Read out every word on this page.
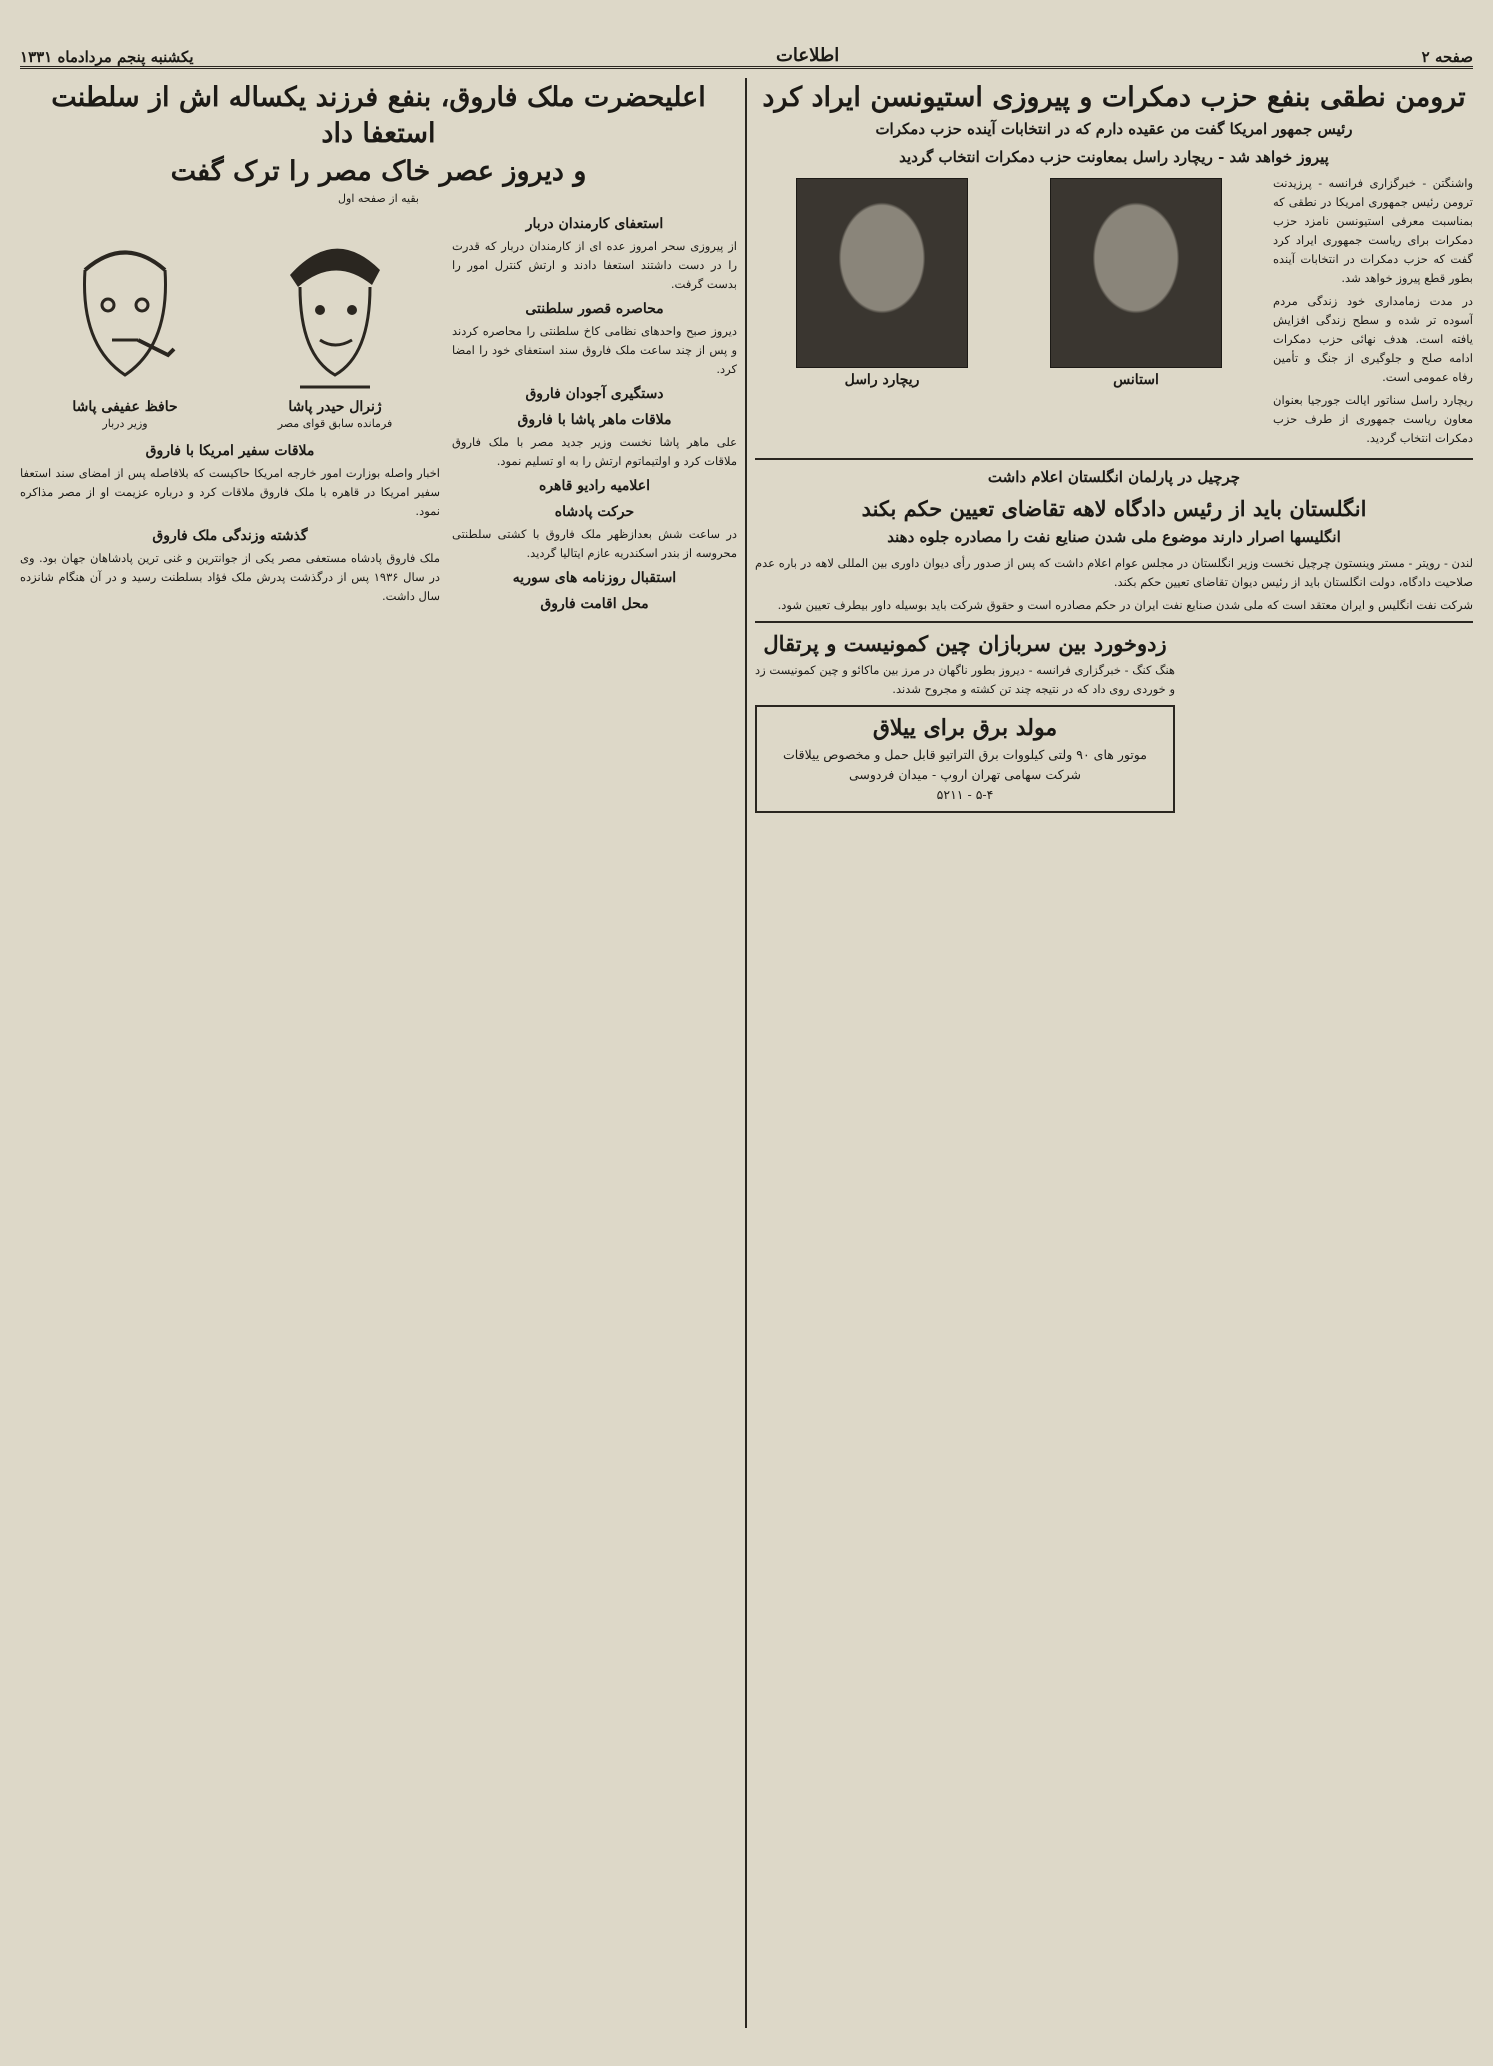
صفحه ۲
اطلاعات
یکشنبه پنجم مردادماه ۱۳۳۱
ترومن نطقی بنفع حزب دمکرات و پیروزی استیونسن ایراد کرد
رئیس جمهور امریکا گفت من عقیده دارم که در انتخابات آینده حزب دمکرات
پیروز خواهد شد - ریچارد راسل بمعاونت حزب دمکرات انتخاب گردید

واشنگتن - خبرگزاری فرانسه - پرزیدنت ترومن رئیس جمهوری امریکا در نطقی که بمناسبت معرفی استیونسن نامزد حزب دمکرات برای ریاست جمهوری ایراد کرد گفت که حزب دمکرات در انتخابات آینده بطور قطع پیروز خواهد شد.

در مدت زمامداری خود زندگی مردم آسوده تر شده و سطح زندگی افزایش یافته است. هدف نهائی حزب دمکرات ادامه صلح و جلوگیری از جنگ و تأمین رفاه عمومی است.

ریچارد راسل سناتور ایالت جورجیا بعنوان معاون ریاست جمهوری از طرف حزب دمکرات انتخاب گردید.

استانس
ریچارد راسل
چرچیل در پارلمان انگلستان اعلام داشت
انگلستان باید از رئیس دادگاه لاهه تقاضای تعیین حکم بکند
انگلیسها اصرار دارند موضوع ملی شدن صنایع نفت را مصادره جلوه دهند

لندن - رویتر - مستر وینستون چرچیل نخست وزیر انگلستان در مجلس عوام اعلام داشت که پس از صدور رأی دیوان داوری بین المللی لاهه در باره عدم صلاحیت دادگاه، دولت انگلستان باید از رئیس دیوان تقاضای تعیین حکم بکند.

شرکت نفت انگلیس و ایران معتقد است که ملی شدن صنایع نفت ایران در حکم مصادره است و حقوق شرکت باید بوسیله داور بیطرف تعیین شود.

زدوخورد بین سربازان چین کمونیست و پرتقال

هنگ کنگ - خبرگزاری فرانسه - دیروز بطور ناگهان در مرز بین ماکائو و چین کمونیست زد و خوردی روی داد که در نتیجه چند تن کشته و مجروح شدند.

مولد برق برای ییلاق
موتور های ۹۰ ولتی کیلووات برق التراتیو قابل حمل و مخصوص ییلاقات
شرکت سهامی تهران اروپ - میدان فردوسی
۵-۴ - ۵۲۱۱
اعلیحضرت ملک فاروق، بنفع فرزند یکساله اش از سلطنت استعفا داد
و دیروز عصر خاک مصر را ترک گفت
بقیه از صفحه اول
استعفای کارمندان دربار

از پیروزی سحر امروز عده ای از کارمندان دربار که قدرت را در دست داشتند استعفا دادند و ارتش کنترل امور را بدست گرفت.

محاصره قصور سلطنتی

دیروز صبح واحدهای نظامی کاخ سلطنتی را محاصره کردند و پس از چند ساعت ملک فاروق سند استعفای خود را امضا کرد.

دستگیری آجودان فاروق
ملاقات ماهر پاشا با فاروق

علی ماهر پاشا نخست وزیر جدید مصر با ملک فاروق ملاقات کرد و اولتیماتوم ارتش را به او تسلیم نمود.

اعلامیه رادیو قاهره
حرکت پادشاه

در ساعت شش بعدازظهر ملک فاروق با کشتی سلطنتی محروسه از بندر اسکندریه عازم ایتالیا گردید.

استقبال روزنامه های سوریه
محل اقامت فاروق
ژنرال حیدر پاشا
فرمانده سابق قوای مصر
حافظ عفیفی پاشا
وزیر دربار
ملاقات سفیر امریکا با فاروق

اخبار واصله بوزارت امور خارجه امریکا حاکیست که بلافاصله پس از امضای سند استعفا سفیر امریکا در قاهره با ملک فاروق ملاقات کرد و درباره عزیمت او از مصر مذاکره نمود.

گذشته وزندگی ملک فاروق

ملک فاروق پادشاه مستعفی مصر یکی از جوانترین و غنی ترین پادشاهان جهان بود. وی در سال ۱۹۳۶ پس از درگذشت پدرش ملک فؤاد بسلطنت رسید و در آن هنگام شانزده سال داشت.
